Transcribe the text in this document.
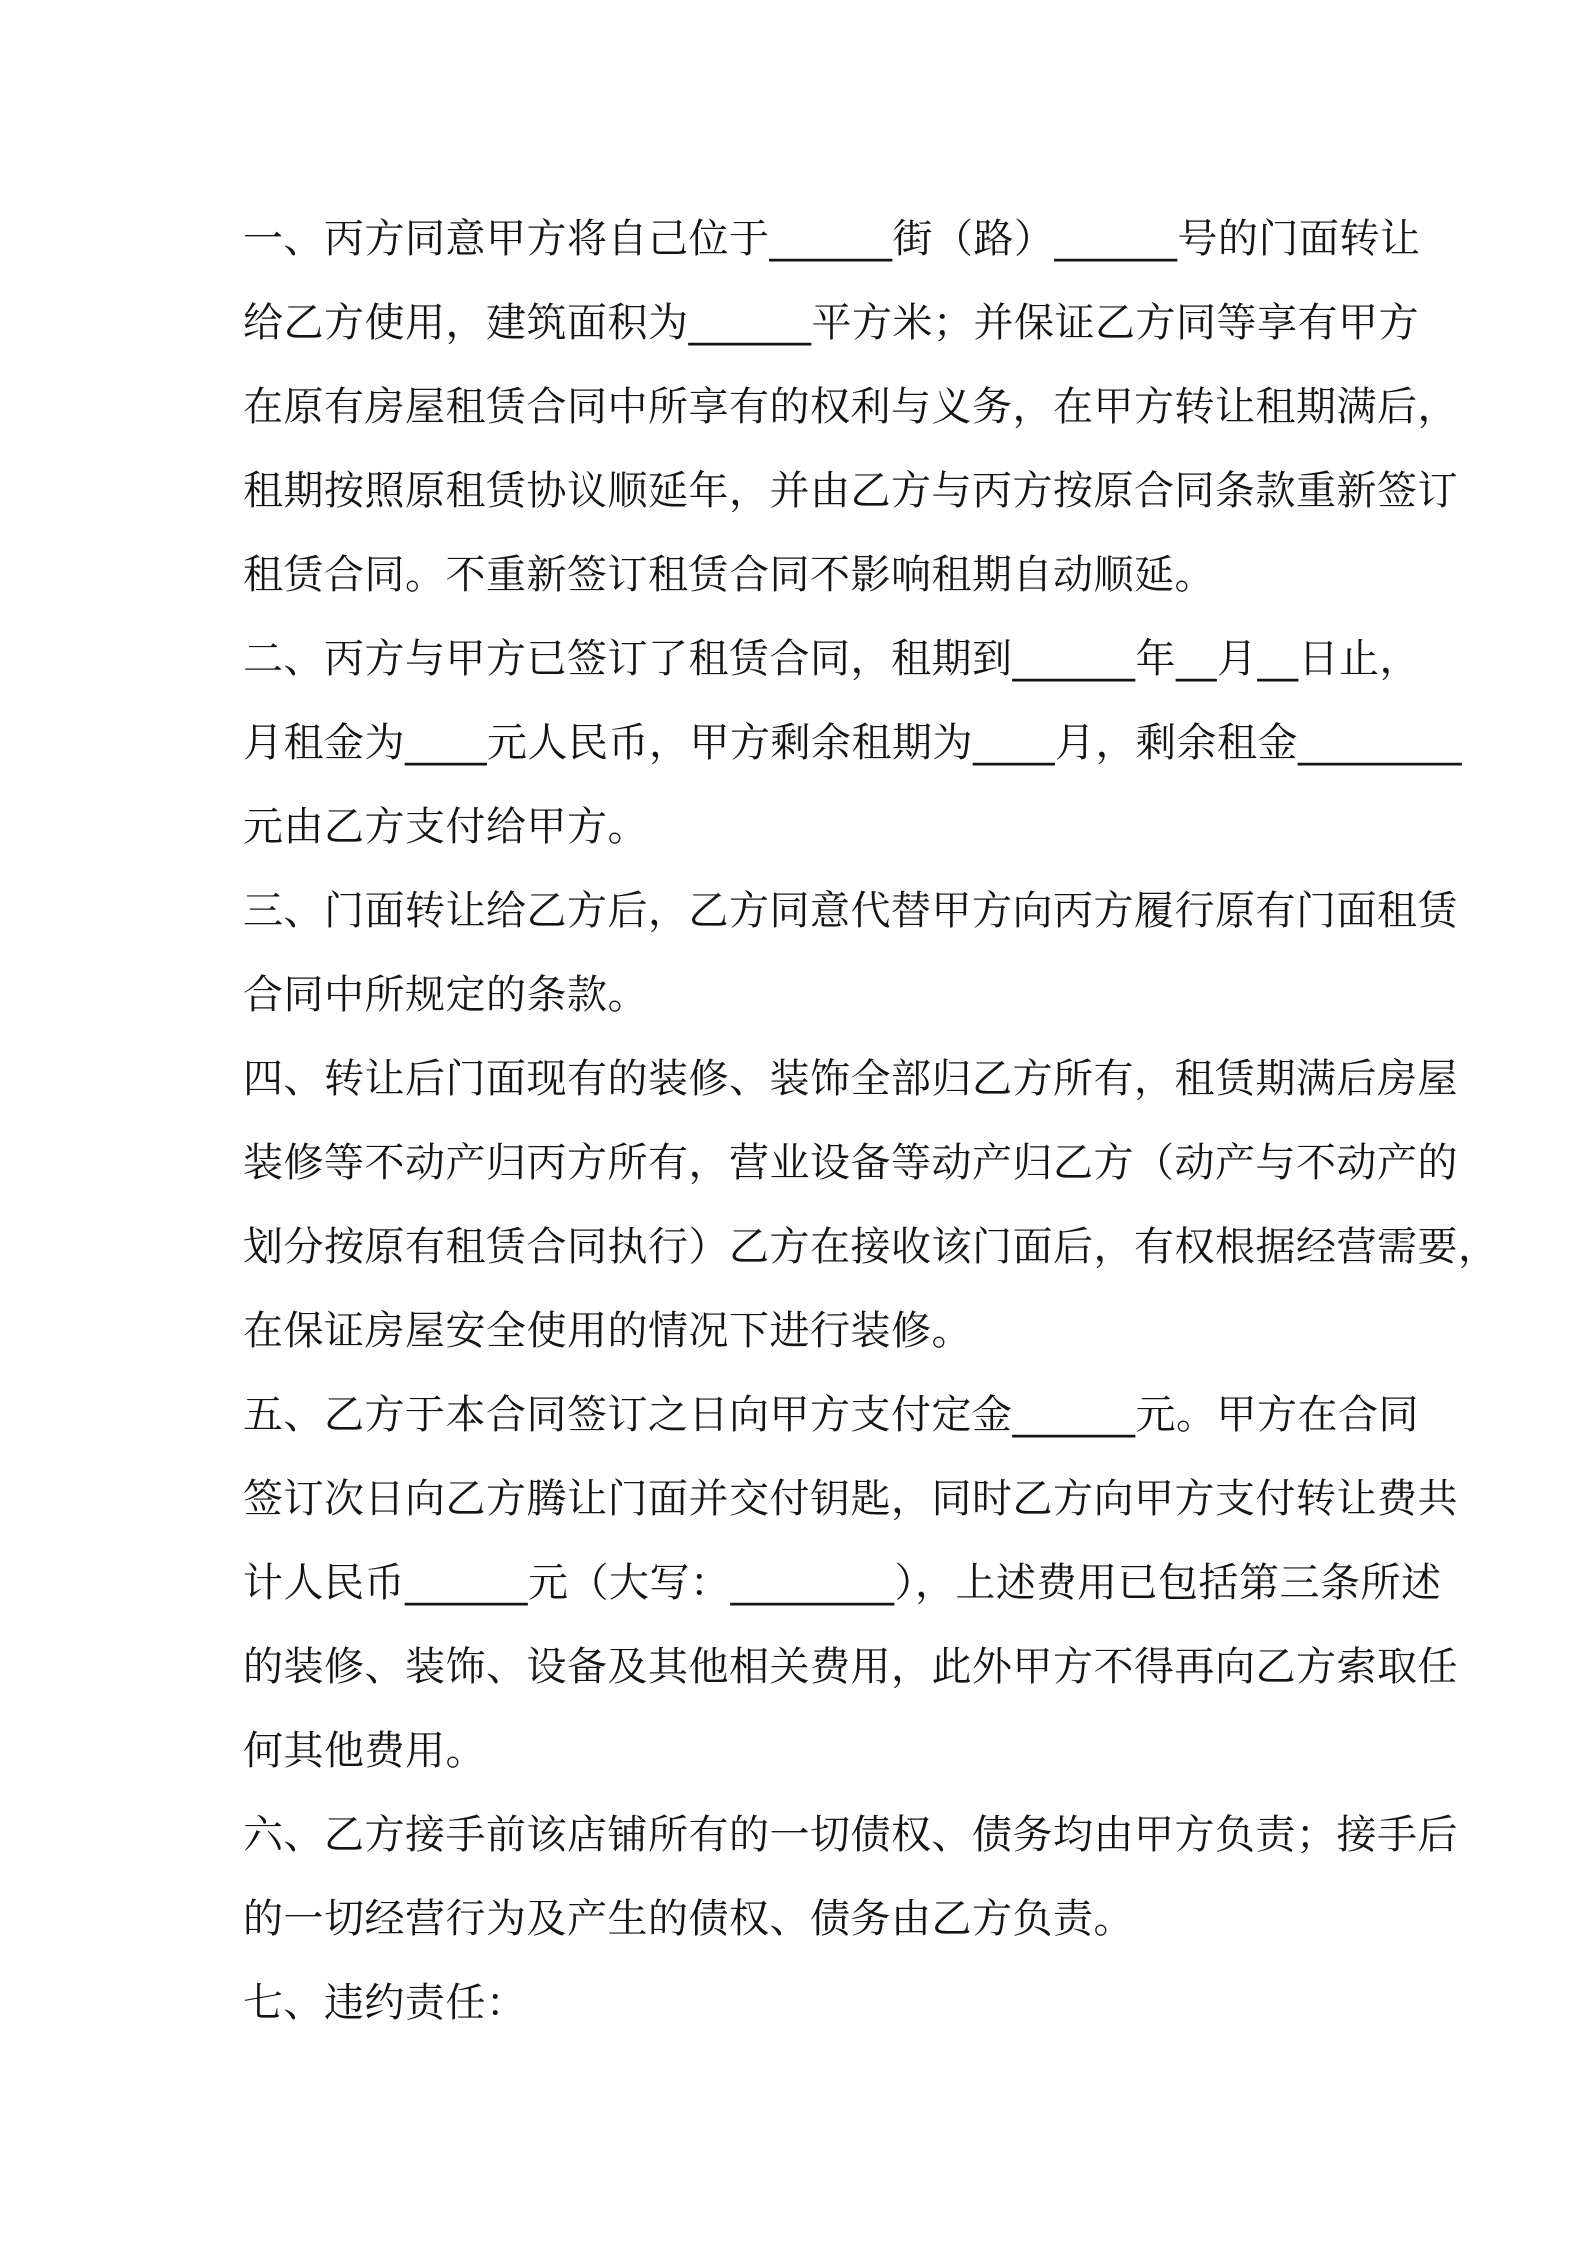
一、丙方同意甲方将自己位于______街（路）______号的门面转让
给乙方使用，建筑面积为______平方米；并保证乙方同等享有甲方
在原有房屋租赁合同中所享有的权利与义务，在甲方转让租期满后，
租期按照原租赁协议顺延年，并由乙方与丙方按原合同条款重新签订
租赁合同。不重新签订租赁合同不影响租期自动顺延。
二、丙方与甲方已签订了租赁合同，租期到______年__月__日止，
月租金为____元人民币，甲方剩余租期为____月，剩余租金________
元由乙方支付给甲方。
三、门面转让给乙方后，乙方同意代替甲方向丙方履行原有门面租赁
合同中所规定的条款。
四、转让后门面现有的装修、装饰全部归乙方所有，租赁期满后房屋
装修等不动产归丙方所有，营业设备等动产归乙方（动产与不动产的
划分按原有租赁合同执行）乙方在接收该门面后，有权根据经营需要，
在保证房屋安全使用的情况下进行装修。
五、乙方于本合同签订之日向甲方支付定金______元。甲方在合同
签订次日向乙方腾让门面并交付钥匙，同时乙方向甲方支付转让费共
计人民币______元（大写：________），上述费用已包括第三条所述
的装修、装饰、设备及其他相关费用，此外甲方不得再向乙方索取任
何其他费用。
六、乙方接手前该店铺所有的一切债权、债务均由甲方负责；接手后
的一切经营行为及产生的债权、债务由乙方负责。
七、违约责任：
